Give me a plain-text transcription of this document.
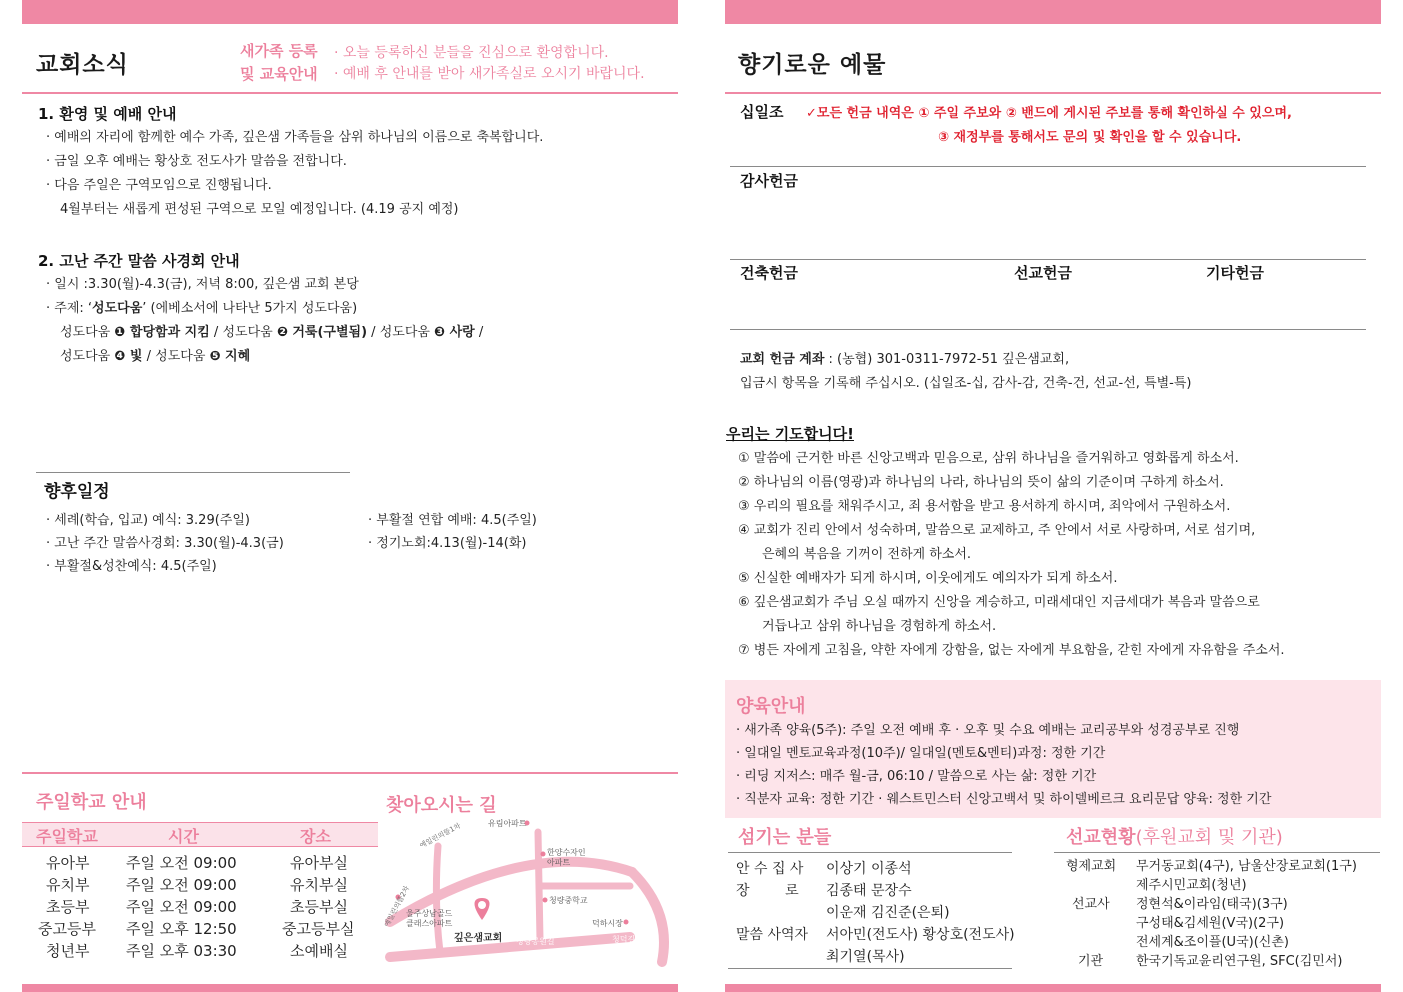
교회소식
새가족 등록
및 교육안내
· 오늘 등록하신 분들을 진심으로 환영합니다.
· 예배 후 안내를 받아 새가족실로 오시기 바랍니다.
1. 환영 및 예배 안내
· 예배의 자리에 함께한 예수 가족, 깊은샘 가족들을 삼위 하나님의 이름으로 축복합니다.
· 금일 오후 예배는 황상호 전도사가 말씀을 전합니다.
· 다음 주일은 구역모임으로 진행됩니다.
4월부터는 새롭게 편성된 구역으로 모일 예정입니다. (4.19 공지 예정)
2. 고난 주간 말씀 사경회 안내
· 일시 :3.30(월)-4.3(금), 저녁 8:00, 깊은샘 교회 본당
· 주제: ‘성도다움’ (에베소서에 나타난 5가지 성도다움)
성도다움 ❶ 합당함과 지킴 / 성도다움 ❷ 거룩(구별됨) / 성도다움 ❸ 사랑 /
성도다움 ❹ 빛 / 성도다움 ❺ 지혜
향후일정
· 세례(학습, 입교) 예식: 3.29(주일)
· 고난 주간 말씀사경회: 3.30(월)-4.3(금)
· 부활절&성찬예식: 4.5(주일)
· 부활절 연합 예배: 4.5(주일)
· 정기노회:4.13(월)-14(화)
주일학교 안내
주일학교	시간	장소
유아부 주일 오전 09:00	유아부실
유치부 주일 오전 09:00	유치부실
초등부 주일 오전 09:00	초등부실
중고등부 주일 오후 12:50	중고등부실
청년부 주일 오후 03:30	소예배실
찾아오시는 길
유림아파트
한양수자인
아파트
청량중학교
덕하시장
울주상남골드
클래스아파트
깊은샘교회
예일린의뜰1차
예일린의뜰2차
청량공원길	청덕길
향기로운 예물
십일조 ✓모든 헌금 내역은 ① 주일 주보와 ② 밴드에 게시된 주보를 통해 확인하실 수 있으며,
③ 재정부를 통해서도 문의 및 확인을 할 수 있습니다.
감사헌금
건축헌금	선교헌금	기타헌금
교회 헌금 계좌 : (농협) 301-0311-7972-51 깊은샘교회,
입금시 항목을 기록해 주십시오. (십일조-십, 감사-감, 건축-건, 선교-선, 특별-특)
우리는 기도합니다!
① 말씀에 근거한 바른 신앙고백과 믿음으로, 삼위 하나님을 즐거워하고 영화롭게 하소서.
② 하나님의 이름(영광)과 하나님의 나라, 하나님의 뜻이 삶의 기준이며 구하게 하소서.
③ 우리의 필요를 채워주시고, 죄 용서함을 받고 용서하게 하시며, 죄악에서 구원하소서.
④ 교회가 진리 안에서 성숙하며, 말씀으로 교제하고, 주 안에서 서로 사랑하며, 서로 섬기며,
은혜의 복음을 기꺼이 전하게 하소서.
⑤ 신실한 예배자가 되게 하시며, 이웃에게도 예의자가 되게 하소서.
⑥ 깊은샘교회가 주님 오실 때까지 신앙을 계승하고, 미래세대인 지금세대가 복음과 말씀으로
거듭나고 삼위 하나님을 경험하게 하소서.
⑦ 병든 자에게 고침을, 약한 자에게 강함을, 없는 자에게 부요함을, 갇힌 자에게 자유함을 주소서.
양육안내
· 새가족 양육(5주): 주일 오전 예배 후 · 오후 및 수요 예배는 교리공부와 성경공부로 진행
· 일대일 멘토교육과정(10주)/ 일대일(멘토&멘티)과정: 정한 기간
· 리딩 지저스: 매주 월-금, 06:10 / 말씀으로 사는 삶: 정한 기간
· 직분자 교육: 정한 기간 · 웨스트민스터 신앙고백서 및 하이델베르크 요리문답 양육: 정한 기간
섬기는 분들
안 수 집 사 이상기 이종석
장        로 김종태 문장수
이운재 김진준(은퇴)
말씀 사역자 서아민(전도사) 황상호(전도사)
최기열(목사)
선교현황(후원교회 및 기관)
형제교회 무거동교회(4구), 남울산장로교회(1구)
제주시민교회(청년)
선교사 정현석&이라임(태국)(3구)
구성태&김세원(V국)(2구)
전세계&조이플(U국)(신촌)
기관	한국기독교윤리연구원, SFC(김민서)
